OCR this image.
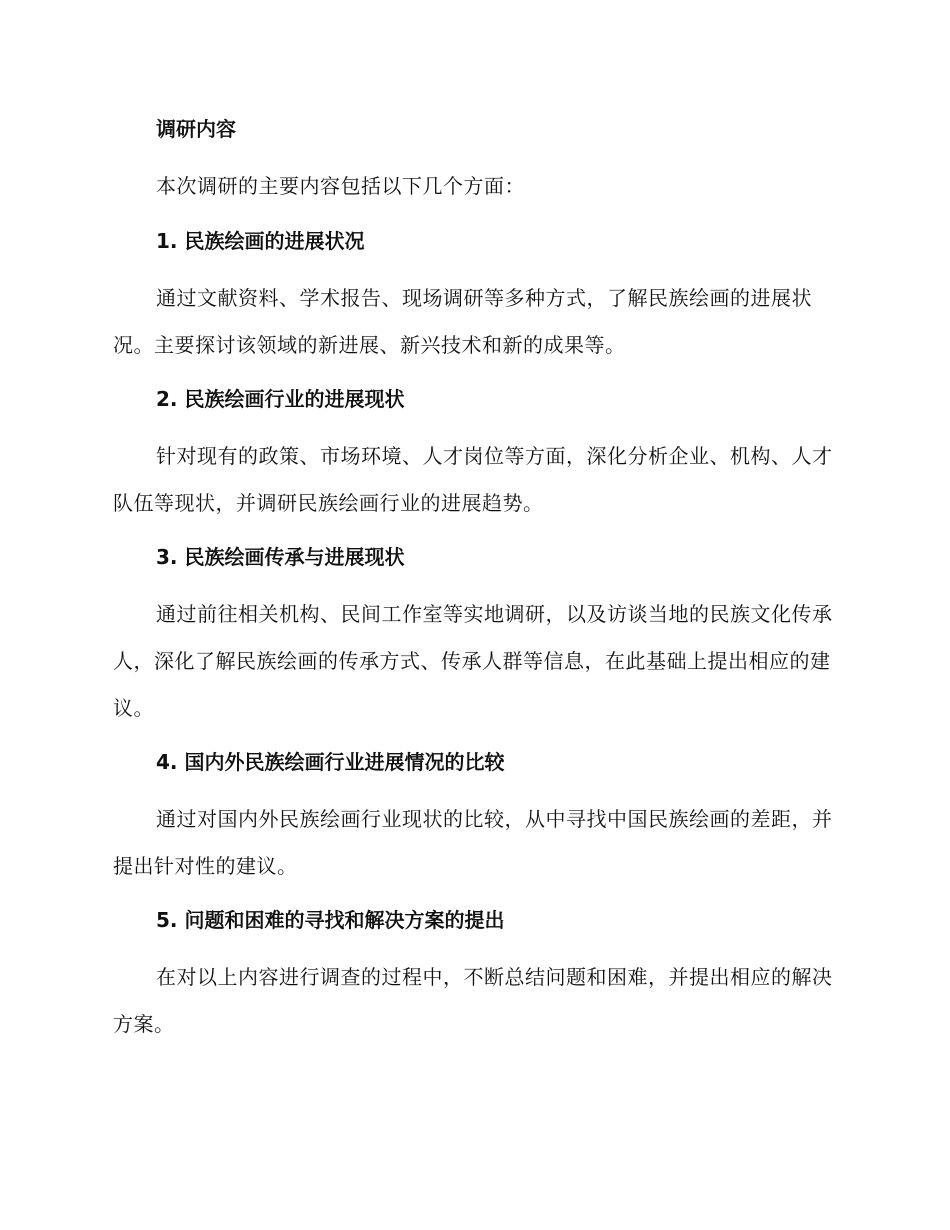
调研内容
本次调研的主要内容包括以下几个方面：
1. 民族绘画的进展状况
通过文献资料、学术报告、现场调研等多种方式，了解民族绘画的进展状况。主要探讨该领域的新进展、新兴技术和新的成果等。
2. 民族绘画行业的进展现状
针对现有的政策、市场环境、人才岗位等方面，深化分析企业、机构、人才队伍等现状，并调研民族绘画行业的进展趋势。
3. 民族绘画传承与进展现状
通过前往相关机构、民间工作室等实地调研，以及访谈当地的民族文化传承人，深化了解民族绘画的传承方式、传承人群等信息，在此基础上提出相应的建议。
4. 国内外民族绘画行业进展情况的比较
通过对国内外民族绘画行业现状的比较，从中寻找中国民族绘画的差距，并提出针对性的建议。
5. 问题和困难的寻找和解决方案的提出
在对以上内容进行调查的过程中，不断总结问题和困难，并提出相应的解决方案。
